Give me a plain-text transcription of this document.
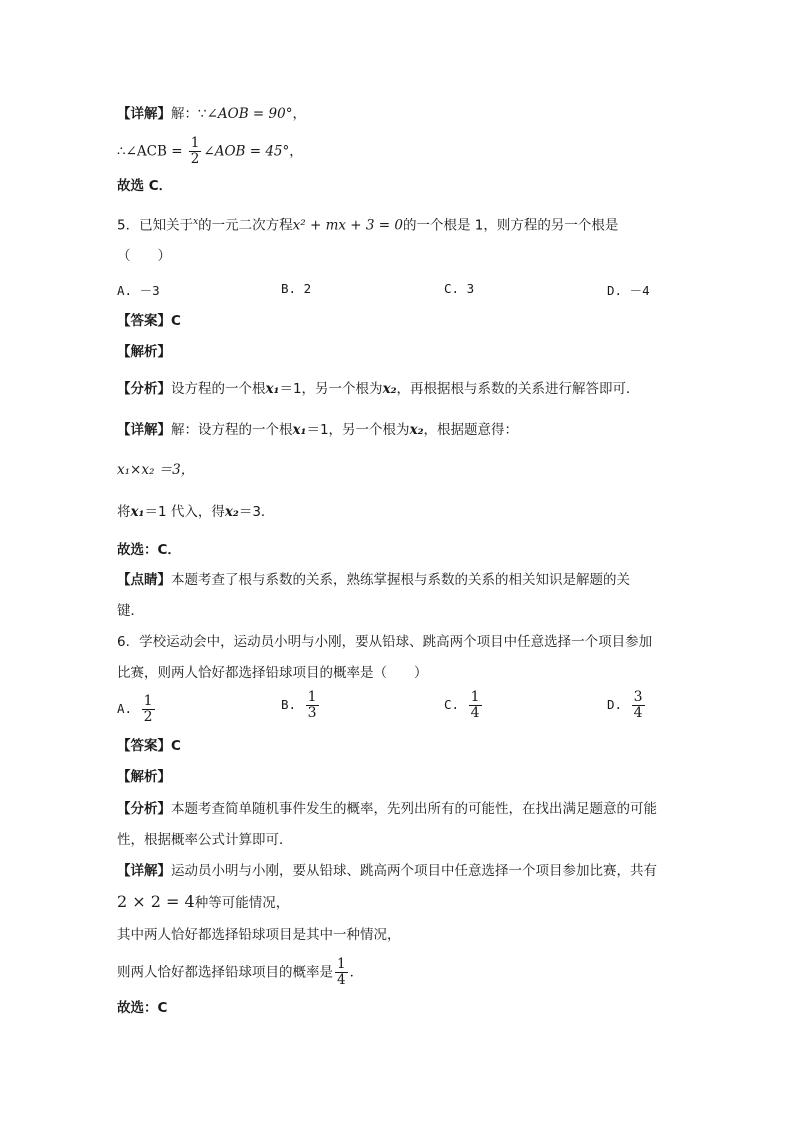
【详解】解：∵∠AOB = 90°，
∴∠ACB = $\frac{1}{2}$ ∠AOB = 45°，
故选 C．
5．已知关于$^x$的一元二次方程x² + mx + 3 = 0的一个根是 1，则方程的另一个根是
（　　）
A. －3	B. 2	C. 3	D. －4
【答案】C
【解析】
【分析】设方程的一个根x₁＝1，另一个根为x₂，再根据根与系数的关系进行解答即可．
【详解】解：设方程的一个根x₁＝1，另一个根为x₂，根据题意得：
x₁×x₂ ＝3，
将x₁＝1 代入，得x₂＝3．
故选：C．
【点睛】本题考查了根与系数的关系，熟练掌握根与系数的关系的相关知识是解题的关
键．
6．学校运动会中，运动员小明与小刚，要从铅球、跳高两个项目中任意选择一个项目参加
比赛，则两人恰好都选择铅球项目的概率是（　　）
A. $\frac{1}{2}$	B. $\frac{1}{3}$	C. $\frac{1}{4}$	D. $\frac{3}{4}$
【答案】C
【解析】
【分析】本题考查简单随机事件发生的概率，先列出所有的可能性，在找出满足题意的可能
性，根据概率公式计算即可．
【详解】运动员小明与小刚，要从铅球、跳高两个项目中任意选择一个项目参加比赛，共有
2 × 2 = 4种等可能情况，
其中两人恰好都选择铅球项目是其中一种情况，
则两人恰好都选择铅球项目的概率是 $\frac{1}{4}$ ．
故选：C
